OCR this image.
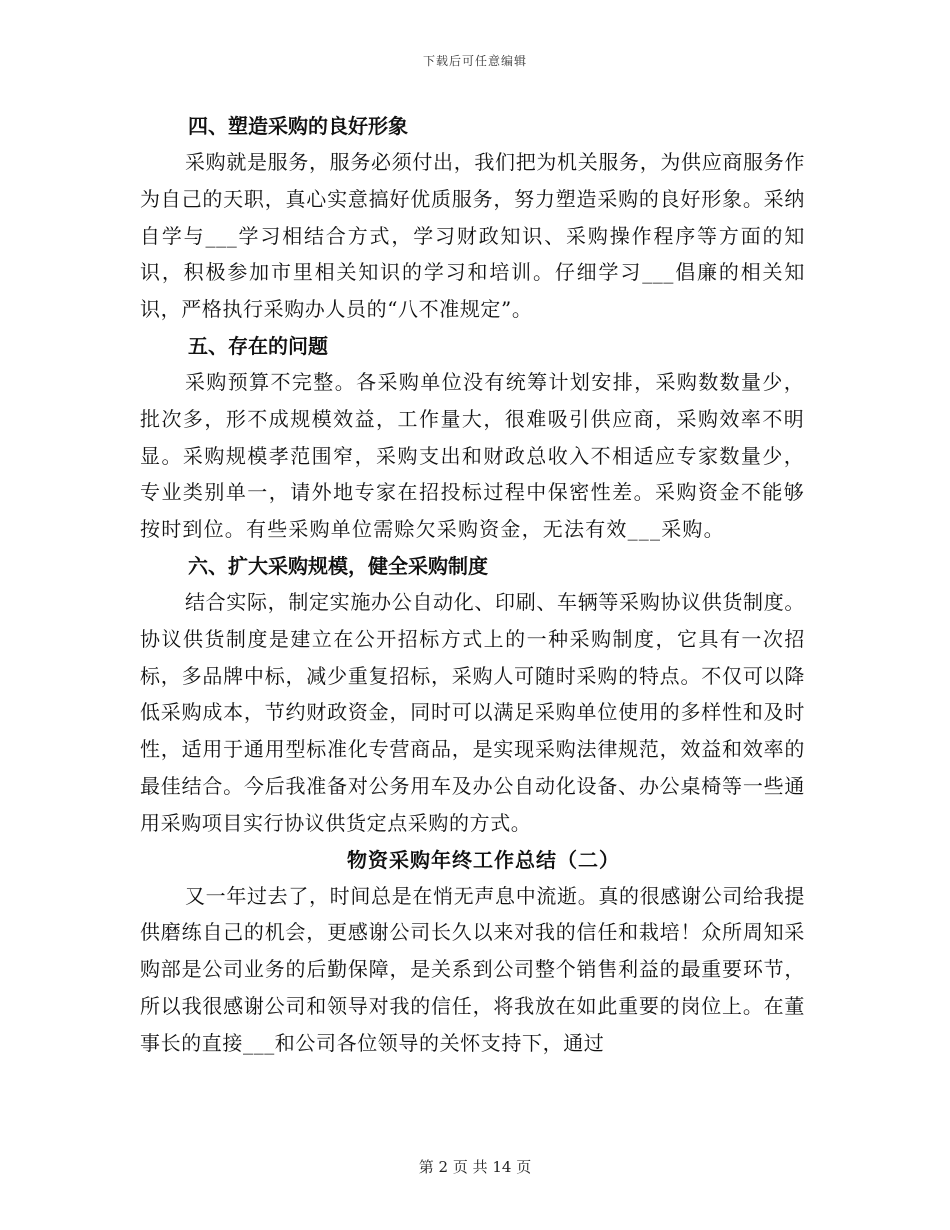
下载后可任意编辑
四、塑造采购的良好形象
采购就是服务，服务必须付出，我们把为机关服务，为供应商服务作为自己的天职，真心实意搞好优质服务，努力塑造采购的良好形象。采纳自学与___学习相结合方式，学习财政知识、采购操作程序等方面的知识，积极参加市里相关知识的学习和培训。仔细学习___倡廉的相关知识，严格执行采购办人员的“八不准规定”。
五、存在的问题
采购预算不完整。各采购单位没有统筹计划安排，采购数数量少，批次多，形不成规模效益，工作量大，很难吸引供应商，采购效率不明显。采购规模孝范围窄，采购支出和财政总收入不相适应专家数量少，专业类别单一，请外地专家在招投标过程中保密性差。采购资金不能够按时到位。有些采购单位需赊欠采购资金，无法有效___采购。
六、扩大采购规模，健全采购制度
结合实际，制定实施办公自动化、印刷、车辆等采购协议供货制度。协议供货制度是建立在公开招标方式上的一种采购制度，它具有一次招标，多品牌中标，减少重复招标，采购人可随时采购的特点。不仅可以降低采购成本，节约财政资金，同时可以满足采购单位使用的多样性和及时性，适用于通用型标准化专营商品，是实现采购法律规范，效益和效率的最佳结合。今后我准备对公务用车及办公自动化设备、办公桌椅等一些通用采购项目实行协议供货定点采购的方式。
物资采购年终工作总结（二）
又一年过去了，时间总是在悄无声息中流逝。真的很感谢公司给我提供磨练自己的机会，更感谢公司长久以来对我的信任和栽培！众所周知采购部是公司业务的后勤保障，是关系到公司整个销售利益的最重要环节，所以我很感谢公司和领导对我的信任，将我放在如此重要的岗位上。在董事长的直接___和公司各位领导的关怀支持下，通过
第 2 页 共 14 页
